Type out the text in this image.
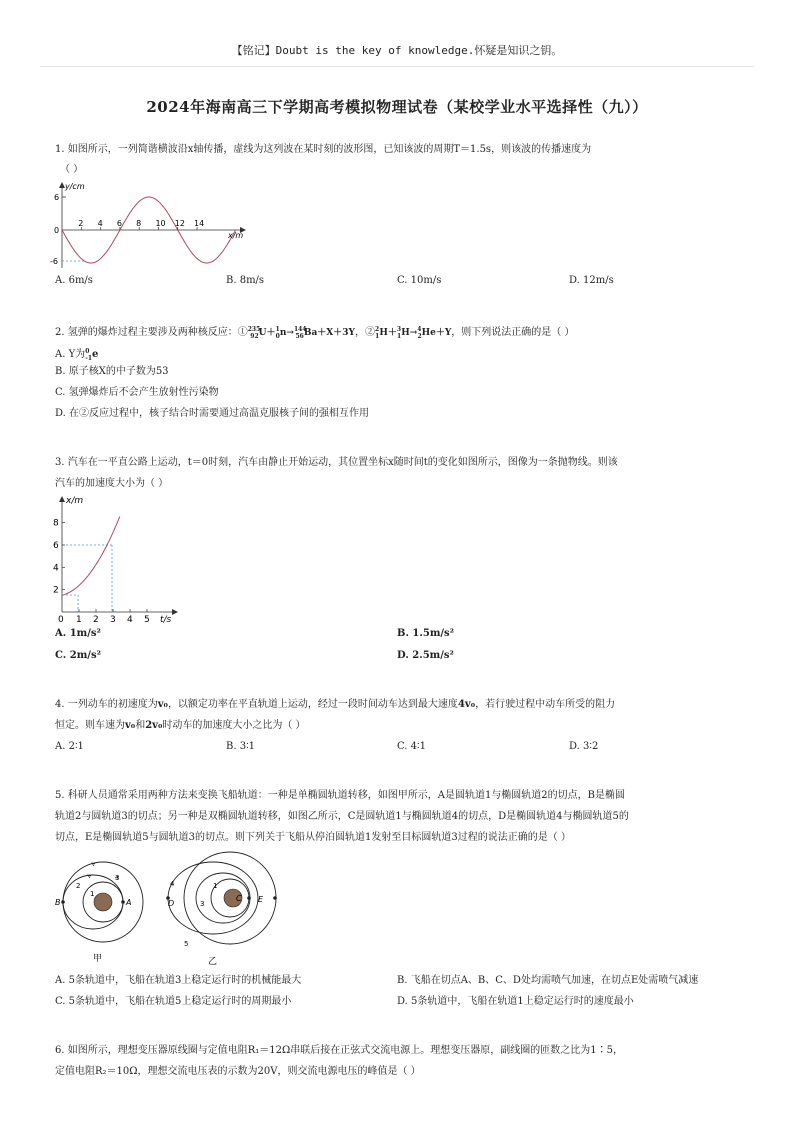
【铭记】Doubt is the key of knowledge.怀疑是知识之钥。
2024年海南高三下学期高考模拟物理试卷（某校学业水平选择性（九））
1. 如图所示，一列简谐横波沿x轴传播，虚线为这列波在某时刻的波形图，已知该波的周期T＝1.5s，则该波的传播速度为
（ ）
2 4 6 8 10 12 14
y/cm
x/m
6
-6
0
A. 6m/s	B. 8m/s	C. 10m/s	D. 12m/s
2. 氢弹的爆炸过程主要涉及两种核反应：①$^{235}_{92}$U＋$^1_0$n→$^{144}_{56}$Ba＋X＋3Y，②$^2_1$H＋$^3_1$H→$^4_2$He＋Y，则下列说法正确的是（ ）
A. Y为$^0_{-1}$e
B. 原子核X的中子数为53
C. 氢弹爆炸后不会产生放射性污染物
D. 在②反应过程中，核子结合时需要通过高温克服核子间的强相互作用
3. 汽车在一平直公路上运动，t＝0时刻，汽车由静止开始运动，其位置坐标x随时间t的变化如图所示，图像为一条抛物线。则该
汽车的加速度大小为（ ）
1 2 3 4 5
2
4
6
8
x/m
t/s
0
A. 1m/s²	B. 1.5m/s²
C. 2m/s²	D. 2.5m/s²
4. 一列动车的初速度为v₀，以额定功率在平直轨道上运动，经过一段时间动车达到最大速度4v₀，若行驶过程中动车所受的阻力
恒定。则车速为v₀和2v₀时动车的加速度大小之比为（ ）
A. 2∶1	B. 3∶1	C. 4∶1	D. 3∶2
5. 科研人员通常采用两种方法来变换飞船轨道：一种是单椭圆轨道转移，如图甲所示，A是圆轨道1与椭圆轨道2的切点，B是椭圆
轨道2与圆轨道3的切点；另一种是双椭圆轨道转移，如图乙所示，C是圆轨道1与椭圆轨道4的切点，D是椭圆轨道4与椭圆轨道5的
切点，E是椭圆轨道5与圆轨道3的切点。则下列关于飞船从停泊圆轨道1发射至目标圆轨道3过程的说法正确的是（ ）
A
B
1
2
3
甲
C
D	E
1
3
4
5
乙
A. 5条轨道中，飞船在轨道3上稳定运行时的机械能最大	B. 飞船在切点A、B、C、D处均需喷气加速，在切点E处需喷气减速
C. 5条轨道中，飞船在轨道5上稳定运行时的周期最小	D. 5条轨道中，飞船在轨道1上稳定运行时的速度最小
6. 如图所示，理想变压器原线圈与定值电阻R₁＝12Ω串联后接在正弦式交流电源上。理想变压器原，副线圈的匝数之比为1∶5，
定值电阻R₂＝10Ω，理想交流电压表的示数为20V，则交流电源电压的峰值是（ ）
